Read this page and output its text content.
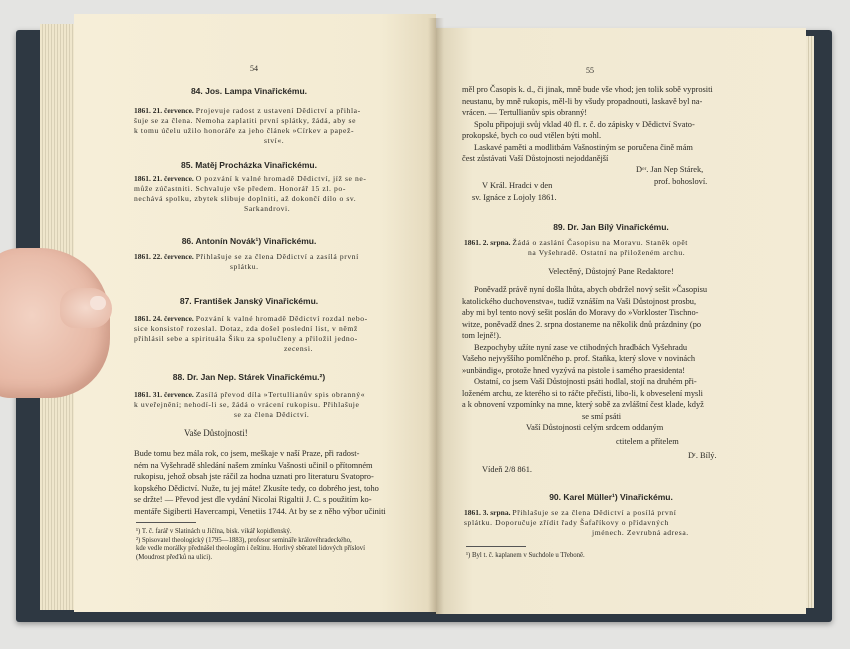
54
84. Jos. Lampa Vinařickému.
1861. 21. července. Projevuje radost z ustavení Dědictví a přihla-
šuje se za člena. Nemoha zaplatiti první splátky, žádá, aby se
k tomu účelu užilo honoráře za jeho článek »Církev a papež-
ství«.
85. Matěj Procházka Vinařickému.
1861. 21. července. O pozvání k valné hromadě Dědictví, jíž se ne-
může zúčastniti. Schvaluje vše předem. Honorář 15 zl. po-
nechává spolku, zbytek slibuje doplniti, až dokončí dílo o sv.
Sarkandrovi.
86. Antonín Novák¹) Vinařickému.
1861. 22. července. Přihlašuje se za člena Dědictví a zasílá první
splátku.
87. František Janský Vinařickému.
1861. 24. července. Pozvání k valné hromadě Dědictví rozdal nebo-
sice konsistoř rozeslal. Dotaz, zda došel poslední list, v němž
přihlásil sebe a spirituála Šiku za spolučleny a přiložil jedno-
zecensi.
88. Dr. Jan Nep. Stárek Vinařickému.²)
1861. 31. července. Zasílá převod díla »Tertullianův spis obranný«
k uveřejnění; nehodí-li se, žádá o vrácení rukopisu. Přihlašuje
se za člena Dědictví.
Vaše Důstojnosti!
Bude tomu bez mála rok, co jsem, meškaje v naší Praze, při radost-
ném na Vyšehradě shledání našem zmínku Vašnosti učinil o přítomném
rukopisu, jehož obsah jste ráčil za hodna uznati pro literaturu Svatopro-
kopského Dědictví. Nuže, tu jej máte! Zkusíte tedy, co dobrého jest, toho
se držte! — Převod jest dle vydání Nicolai Rigaltii J. C. s použitím ko-
mentáře Sigiberti Havercampi, Venetiis 1744. At by se z něho výbor učiniti
¹) T. č. farář v Slatinách u Jičína, bisk. vikář kopidlenský.
²) Spisovatel theologický (1795—1883), profesor semináře královéhradeckého,
kde vedle morálky přednášel theologům i češtinu. Horlivý sběratel lidových přísloví
(Moudrost přeďků na ulici).
55
měl pro Časopis k. d., či jinak, mně bude vše vhod; jen tolik sobě vyprositi
neustanu, by mně rukopis, měl-li by všudy propadnouti, laskavě byl na-
vrácen. — Tertullianův spis obranný!
Spolu připojuji svůj vklad 40 fl. r. č. do zápisky v Dědictví Svato-
prokopské, bych co oud vtělen býti mohl.
Laskavé paměti a modlitbám Vašnostiným se poručena čině mám
čest zůstávati Vaší Důstojnosti nejoddanější
Dᵒʳ. Jan Nep Stárek,
prof. bohosloví.
V Král. Hradci v den
sv. Ignáce z Lojoly 1861.
89. Dr. Jan Bílý Vinařickému.
1861. 2. srpna. Žádá o zaslání Časopisu na Moravu. Staněk opět
na Vyšehradě. Ostatní na přiloženém archu.
Velectěný, Důstojný Pane Redaktore!
Poněvadž právě nyní došla lhůta, abych obdržel nový sešit »Časopisu
katolického duchovenstva«, tudíž vznáším na Vaši Důstojnost prosbu,
aby mi byl tento nový sešit poslán do Moravy do »Vorkloster Tischno-
witze, poněvadž dnes 2. srpna dostaneme na několik dnů prázdniny (po
tom lejně!).
Bezpochyby užíte nyní zase ve ctihodných hradbách Vyšehradu
Vašeho nejvyššího pomlčného p. prof. Staňka, který slove v novinách
»unbändig«, protože hned vyzývá na pistole i samého praesidenta!
Ostatní, co jsem Vaší Důstojnosti psáti hodlal, stojí na druhém při-
loženém archu, ze kterého si to ráčte přečísti, libo-li, k obveselení mysli
a k obnovení vzpomínky na mne, který sobě za zvláštní čest klade, když
se smí psáti
Vaší Důstojnosti celým srdcem oddaným
ctitelem a přítelem
Dʳ. Bílý.
Vídeň 2/8 861.
90. Karel Müller¹) Vinařickému.
1861. 3. srpna. Přihlašuje se za člena Dědictví a posílá první
splátku. Doporučuje zřídit řady Šafaříkovy o přídavných
jménech. Zevrubná adresa.
¹) Byl t. č. kaplanem v Suchdole u Třeboně.
